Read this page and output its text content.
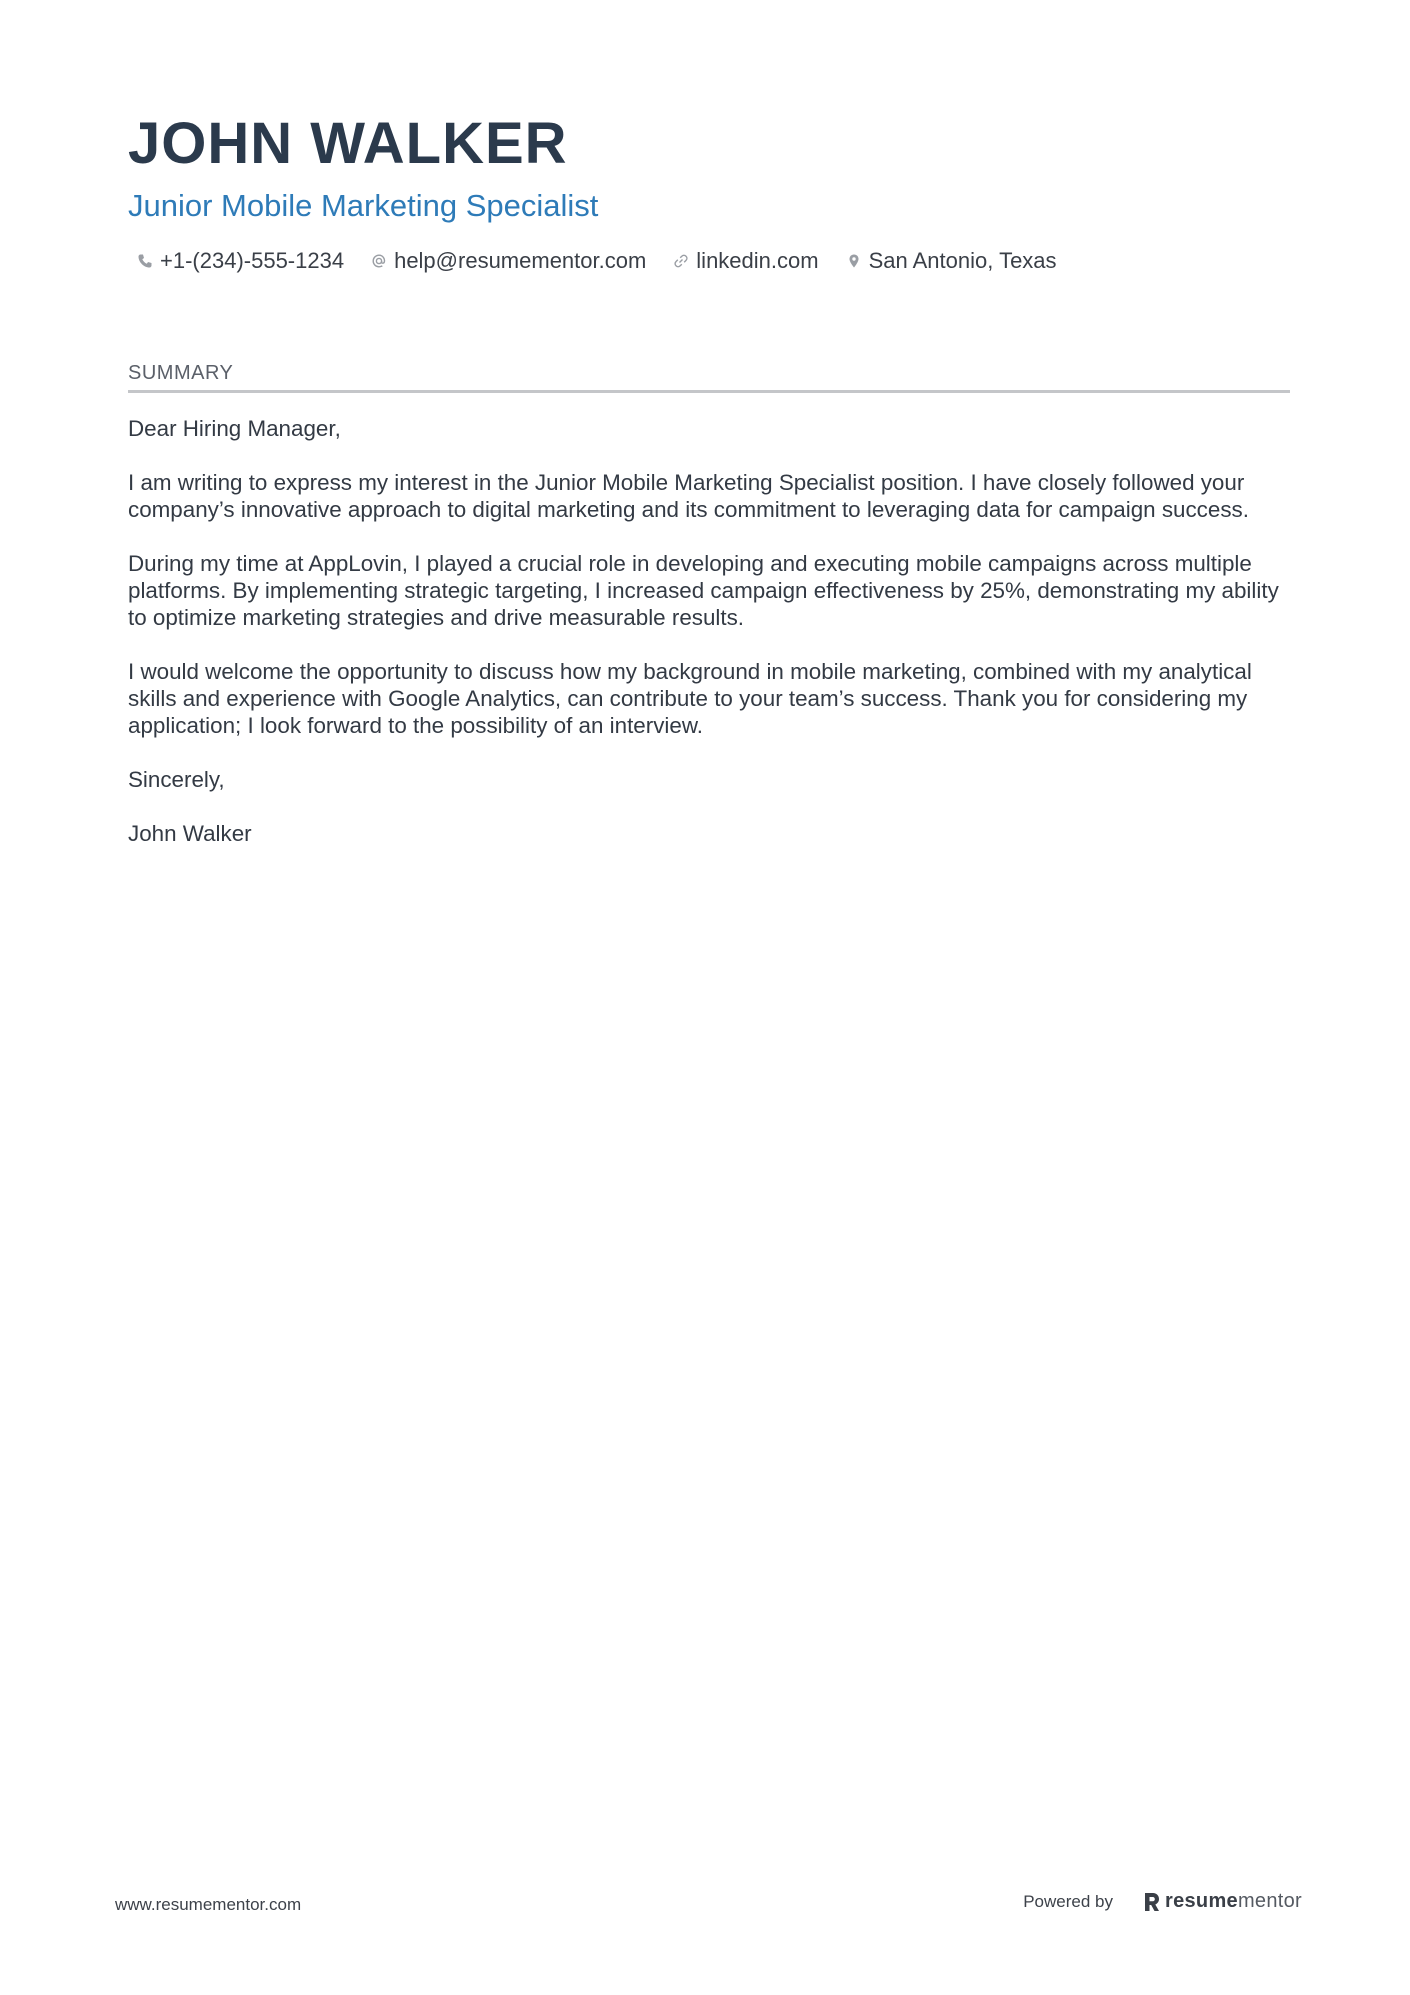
JOHN WALKER
Junior Mobile Marketing Specialist
+1-(234)-555-1234 help@resumementor.com linkedin.com San Antonio, Texas
SUMMARY

Dear Hiring Manager,

I am writing to express my interest in the Junior Mobile Marketing Specialist position. I have closely followed your company’s innovative approach to digital marketing and its commitment to leveraging data for campaign success.

During my time at AppLovin, I played a crucial role in developing and executing mobile campaigns across multiple platforms. By implementing strategic targeting, I increased campaign effectiveness by 25%, demonstrating my ability to optimize marketing strategies and drive measurable results.

I would welcome the opportunity to discuss how my background in mobile marketing, combined with my analytical skills and experience with Google Analytics, can contribute to your team’s success. Thank you for considering my application; I look forward to the possibility of an interview.

Sincerely,

John Walker

www.resumementor.com	Powered by	resume mentor
